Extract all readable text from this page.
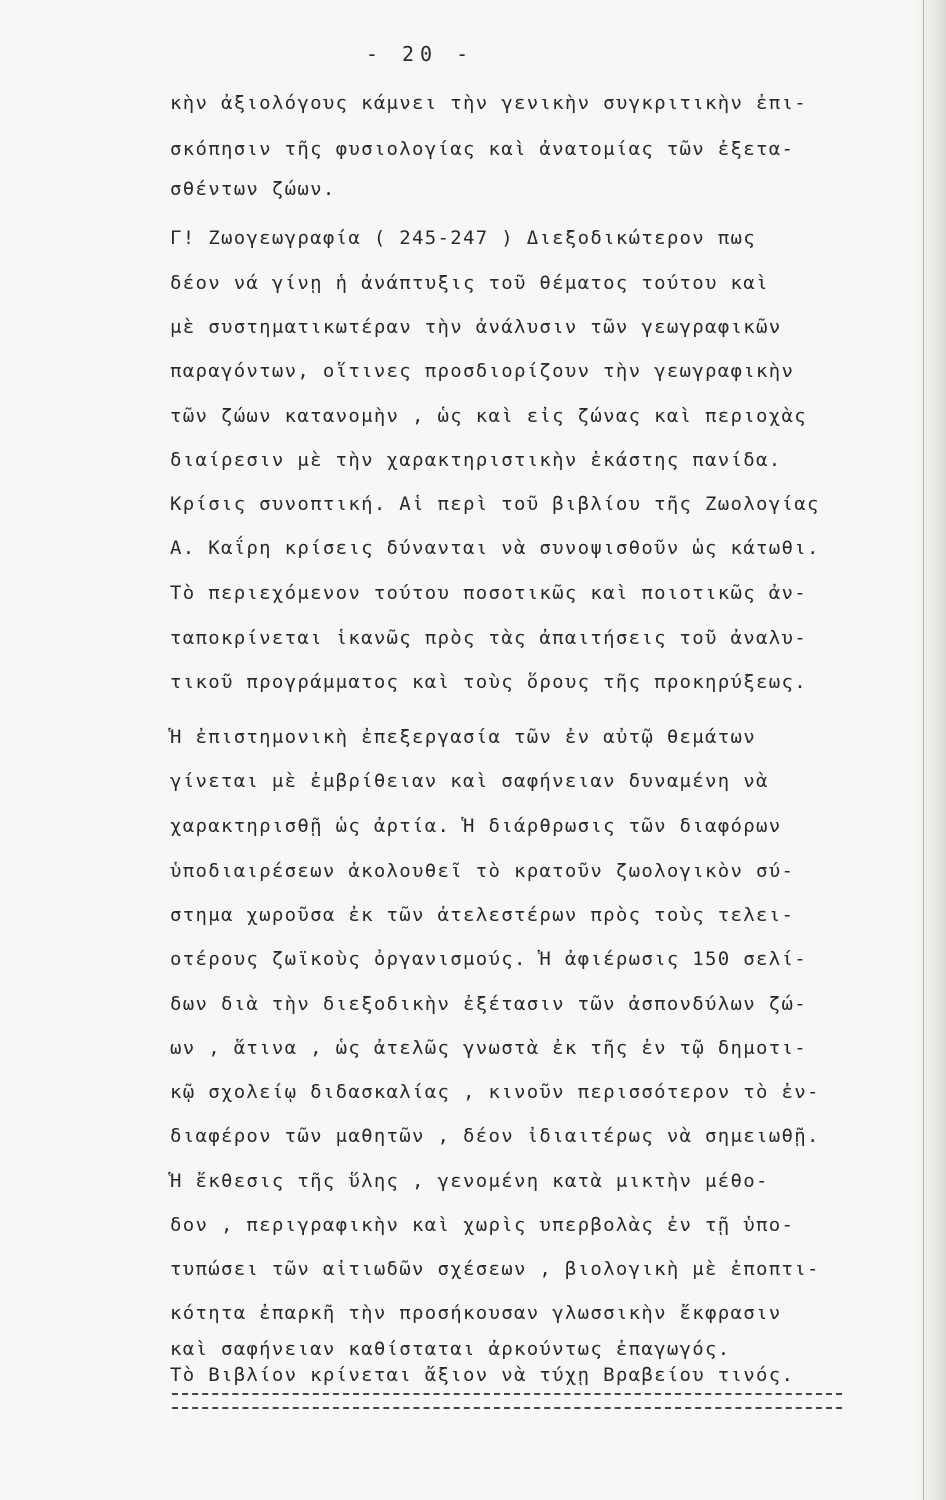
- 20 -
κὴν ἀξιολόγους κάμνει τὴν γενικὴν συγκριτικὴν ἐπι-
σκόπησιν τῆς φυσιολογίας καὶ ἀνατομίας τῶν ἐξετα-
σθέντων ζώων.
Γ! Ζωογεωγραφία ( 245-247 ) Διεξοδικώτερον πως
δέον νά γίνῃ ἡ ἀνάπτυξις τοῦ θέματος τούτου καὶ
μὲ συστηματικωτέραν τὴν ἀνάλυσιν τῶν γεωγραφικῶν
παραγόντων, οἵτινες προσδιορίζουν τὴν γεωγραφικὴν
τῶν ζώων κατανομὴν , ὡς καὶ εἰς ζώνας καὶ περιοχὰς
διαίρεσιν μὲ τὴν χαρακτηριστικὴν ἑκάστης πανίδα.
Κρίσις συνοπτική. Αἱ περὶ τοῦ βιβλίου τῆς Ζωολογίας
Α. Καΐρη κρίσεις δύνανται νὰ συνοψισθοῦν ὡς κάτωθι.
Τὸ περιεχόμενον τούτου ποσοτικῶς καὶ ποιοτικῶς ἀν-
ταποκρίνεται ἱκανῶς πρὸς τὰς ἀπαιτήσεις τοῦ ἀναλυ-
τικοῦ προγράμματος καὶ τοὺς ὅρους τῆς προκηρύξεως.
Ἡ ἐπιστημονικὴ ἐπεξεργασία τῶν ἐν αὐτῷ θεμάτων
γίνεται μὲ ἐμβρίθειαν καὶ σαφήνειαν δυναμένη νὰ
χαρακτηρισθῇ ὡς ἀρτία. Ἡ διάρθρωσις τῶν διαφόρων
ὑποδιαιρέσεων ἀκολουθεῖ τὸ κρατοῦν ζωολογικὸν σύ-
στημα χωροῦσα ἐκ τῶν ἀτελεστέρων πρὸς τοὺς τελει-
οτέρους ζωϊκοὺς ὀργανισμούς. Ἡ ἀφιέρωσις 150 σελί-
δων διὰ τὴν διεξοδικὴν ἐξέτασιν τῶν ἀσπονδύλων ζώ-
ων , ἅτινα , ὡς ἀτελῶς γνωστὰ ἐκ τῆς ἐν τῷ δημοτι-
κῷ σχολείῳ διδασκαλίας , κινοῦν περισσότερον τὸ ἐν-
διαφέρον τῶν μαθητῶν , δέον ἰδιαιτέρως νὰ σημειωθῇ.
Ἡ ἔκθεσις τῆς ὕλης , γενομένη κατὰ μικτὴν μέθο-
δον , περιγραφικὴν καὶ χωρὶς υπερβολὰς ἐν τῇ ὑπο-
τυπώσει τῶν αἰτιωδῶν σχέσεων , βιολογικὴ μὲ ἐποπτι-
κότητα ἐπαρκῆ τὴν προσήκουσαν γλωσσικὴν ἔκφρασιν
καὶ σαφήνειαν καθίσταται ἀρκούντως ἐπαγωγός.
Τὸ Βιβλίον κρίνεται ἄξιον νὰ τύχῃ Βραβείου τινός.
